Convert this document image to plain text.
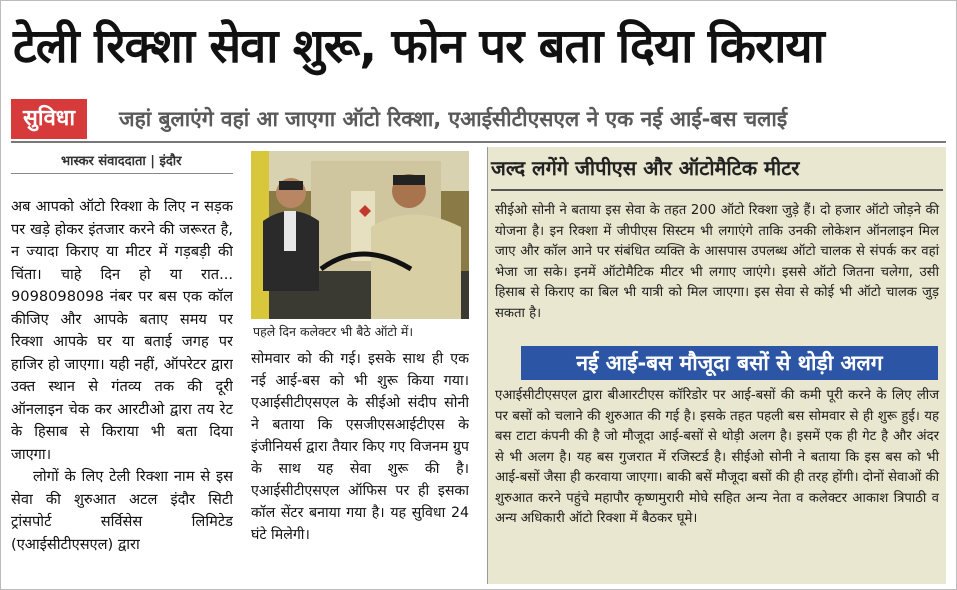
टेली रिक्शा सेवा शुरू, फोन पर बता दिया किराया
सुविधा	जहां बुलाएंगे वहां आ जाएगा ऑटो रिक्शा, एआईसीटीएसएल ने एक नई आई-बस चलाई
भास्कर संवाददाता | इंदौर

अब आपको ऑटो रिक्शा के लिए न सड़क पर खड़े होकर इंतजार करने की जरूरत है, न ज्यादा किराए या मीटर में गड़बड़ी की चिंता। चाहे दिन हो या रात... 9098098098 नंबर पर बस एक कॉल कीजिए और आपके बताए समय पर रिक्शा आपके घर या बताई जगह पर हाजिर हो जाएगा। यही नहीं, ऑपरेटर द्वारा उक्त स्थान से गंतव्य तक की दूरी ऑनलाइन चेक कर आरटीओ द्वारा तय रेट के हिसाब से किराया भी बता दिया जाएगा।

लोगों के लिए टेली रिक्शा नाम से इस सेवा की शुरुआत अटल इंदौर सिटी ट्रांसपोर्ट सर्विसेस लिमिटेड (एआईसीटीएसएल) द्वारा

पहले दिन कलेक्टर भी बैठे ऑटो में।

सोमवार को की गई। इसके साथ ही एक नई आई-बस को भी शुरू किया गया। एआईसीटीएसएल के सीईओ संदीप सोनी ने बताया कि एसजीएसआईटीएस के इंजीनियर्स द्वारा तैयार किए गए विजनम ग्रुप के साथ यह सेवा शुरू की है। एआईसीटीएसएल ऑफिस पर ही इसका कॉल सेंटर बनाया गया है। यह सुविधा 24 घंटे मिलेगी।

जल्द लगेंगे जीपीएस और ऑटोमैटिक मीटर
सीईओ सोनी ने बताया इस सेवा के तहत 200 ऑटो रिक्शा जुड़े हैं। दो हजार ऑटो जोड़ने की योजना है। इन रिक्शा में जीपीएस सिस्टम भी लगाएंगे ताकि उनकी लोकेशन ऑनलाइन मिल जाए और कॉल आने पर संबंधित व्यक्ति के आसपास उपलब्ध ऑटो चालक से संपर्क कर वहां भेजा जा सके। इनमें ऑटोमैटिक मीटर भी लगाए जाएंगे। इससे ऑटो जितना चलेगा, उसी हिसाब से किराए का बिल भी यात्री को मिल जाएगा। इस सेवा से कोई भी ऑटो चालक जुड़ सकता है।
नई आई-बस मौजूदा बसों से थोड़ी अलग
एआईसीटीएसएल द्वारा बीआरटीएस कॉरिडोर पर आई-बसों की कमी पूरी करने के लिए लीज पर बसों को चलाने की शुरुआत की गई है। इसके तहत पहली बस सोमवार से ही शुरू हुई। यह बस टाटा कंपनी की है जो मौजूदा आई-बसों से थोड़ी अलग है। इसमें एक ही गेट है और अंदर से भी अलग है। यह बस गुजरात में रजिस्टर्ड है। सीईओ सोनी ने बताया कि इस बस को भी आई-बसों जैसा ही करवाया जाएगा। बाकी बसें मौजूदा बसों की ही तरह होंगी। दोनों सेवाओं की शुरुआत करने पहुंचे महापौर कृष्णमुरारी मोघे सहित अन्य नेता व कलेक्टर आकाश त्रिपाठी व अन्य अधिकारी ऑटो रिक्शा में बैठकर घूमे।
